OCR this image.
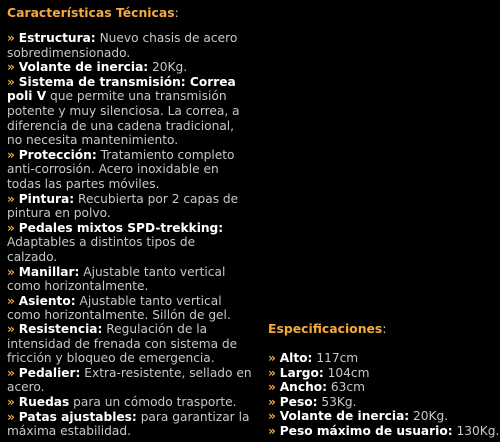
Características Técnicas:
» Estructura: Nuevo chasis de acero sobredimensionado.
» Volante de inercia: 20Kg.
» Sistema de transmisión: Correa poli V que permite una transmisión potente y muy silenciosa. La correa, a diferencia de una cadena tradicional, no necesita mantenimiento.
» Protección: Tratamiento completo anti-corrosión. Acero inoxidable en todas las partes móviles.
» Pintura: Recubierta por 2 capas de pintura en polvo.
» Pedales mixtos SPD-trekking: Adaptables a distintos tipos de calzado.
» Manillar: Ajustable tanto vertical como horizontalmente.
» Asiento: Ajustable tanto vertical como horizontalmente. Sillón de gel.
» Resistencia: Regulación de la intensidad de frenada con sistema de fricción y bloqueo de emergencia.
» Pedalier: Extra-resistente, sellado en acero.
» Ruedas para un cómodo trasporte.
» Patas ajustables: para garantizar la máxima estabilidad.
Especificaciones:
» Alto: 117cm
» Largo: 104cm
» Ancho: 63cm
» Peso: 53Kg.
» Volante de inercia: 20Kg.
» Peso máximo de usuario: 130Kg.
